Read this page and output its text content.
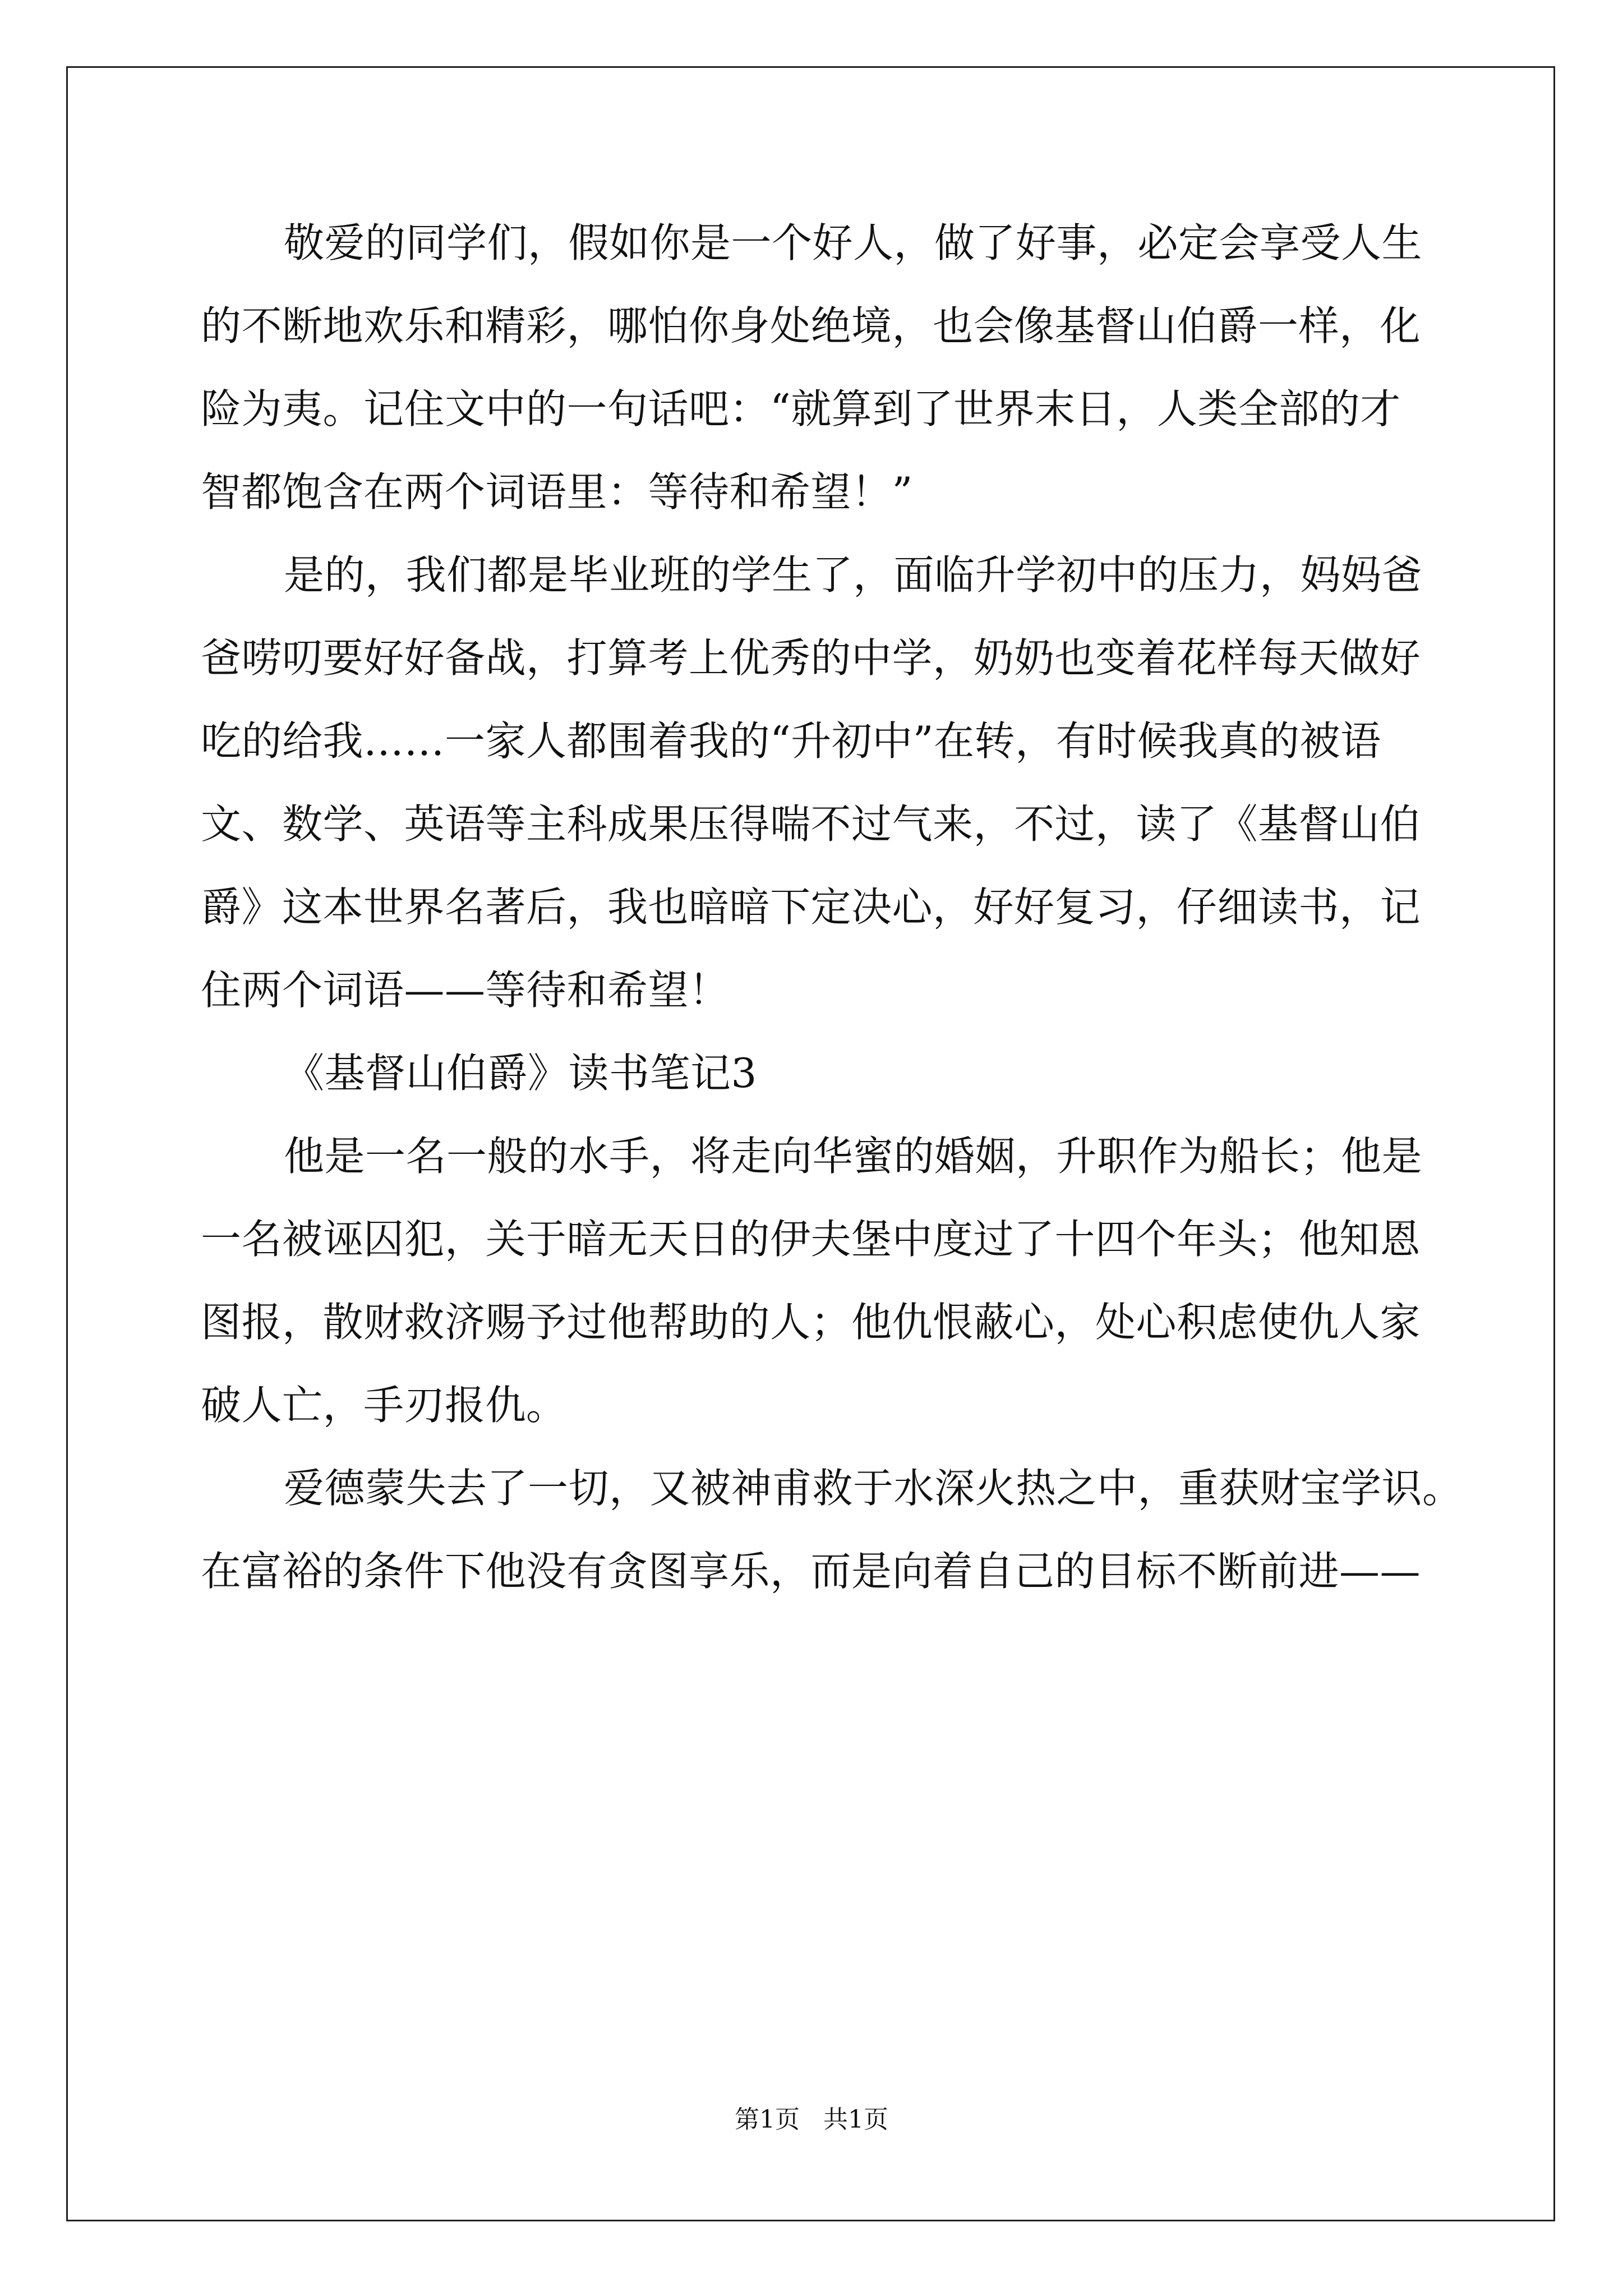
敬爱的同学们，假如你是一个好人，做了好事，必定会享受人生
的不断地欢乐和精彩，哪怕你身处绝境，也会像基督山伯爵一样，化
险为夷。记住文中的一句话吧：“就算到了世界末日，人类全部的才
智都饱含在两个词语里：等待和希望！”
是的，我们都是毕业班的学生了，面临升学初中的压力，妈妈爸
爸唠叨要好好备战，打算考上优秀的中学，奶奶也变着花样每天做好
吃的给我……一家人都围着我的“升初中”在转，有时候我真的被语
文、数学、英语等主科成果压得喘不过气来，不过，读了《基督山伯
爵》这本世界名著后，我也暗暗下定决心，好好复习，仔细读书，记
住两个词语——等待和希望！
《基督山伯爵》读书笔记3
他是一名一般的水手，将走向华蜜的婚姻，升职作为船长；他是
一名被诬囚犯，关于暗无天日的伊夫堡中度过了十四个年头；他知恩
图报，散财救济赐予过他帮助的人；他仇恨蔽心，处心积虑使仇人家
破人亡，手刃报仇。
爱德蒙失去了一切，又被神甫救于水深火热之中，重获财宝学识。
在富裕的条件下他没有贪图享乐，而是向着自己的目标不断前进——
第1页   共1页
